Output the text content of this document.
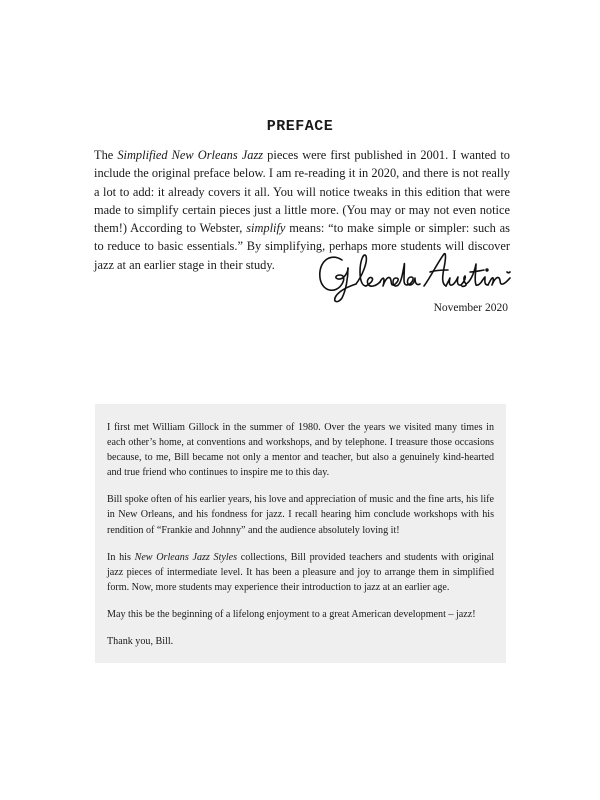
PREFACE

The Simplified New Orleans Jazz pieces were first published in 2001. I wanted to include the original preface below. I am re-reading it in 2020, and there is not really a lot to add: it already covers it all. You will notice tweaks in this edition that were made to simplify certain pieces just a little more. (You may or may not even notice them!) According to Webster, simplify means: “to make simple or simpler: such as to reduce to basic essentials.” By simplifying, perhaps more students will discover jazz at an earlier stage in their study.

November 2020

I first met William Gillock in the summer of 1980. Over the years we visited many times in each other’s home, at conventions and workshops, and by telephone. I treasure those occasions because, to me, Bill became not only a mentor and teacher, but also a genuinely kind-hearted and true friend who continues to inspire me to this day.

Bill spoke often of his earlier years, his love and appreciation of music and the fine arts, his life in New Orleans, and his fondness for jazz. I recall hearing him conclude workshops with his rendition of “Frankie and Johnny” and the audience absolutely loving it!

In his New Orleans Jazz Styles collections, Bill provided teachers and students with original jazz pieces of intermediate level. It has been a pleasure and joy to arrange them in simplified form. Now, more students may experience their introduction to jazz at an earlier age.

May this be the beginning of a lifelong enjoyment to a great American development – jazz!

Thank you, Bill.
